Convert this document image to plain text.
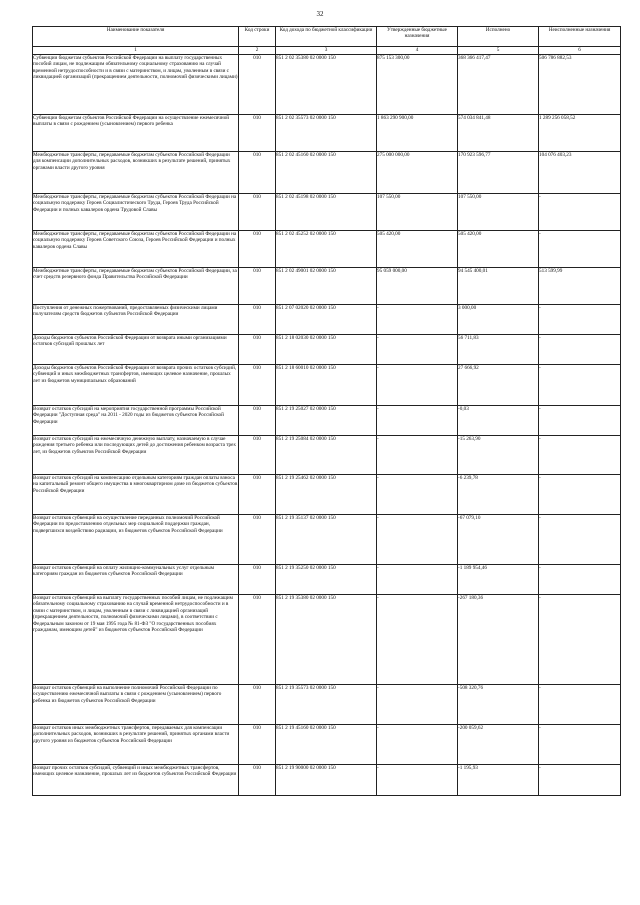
32
Наименование показателя	Код строки	Код дохода по бюджетной классификации	Утвержденные бюджетные назначения	Исполнено	Неисполненные назначения
1	2	3	4	5	6
Субвенции бюджетам субъектов Российской Федерации на выплату государственных пособий лицам, не подлежащим обязательному социальному страхованию на случай временной нетрудоспособности и в связи с материнством, и лицам, уволенным в связи с ликвидацией организаций (прекращением деятельности, полномочий физическими лицами)	010	851 2 02 35380 02 0000 150	875 153 300,00	368 366 417,47	506 786 882,53
Субвенции бюджетам субъектов Российской Федерации на осуществление ежемесячной выплаты в связи с рождением (усыновлением) первого ребенка	010	851 2 02 35573 02 0000 150	1 863 290 900,00	574 034 841,48	1 289 256 058,52
Межбюджетные трансферты, передаваемые бюджетам субъектов Российской Федерации для компенсации дополнительных расходов, возникших в результате решений, принятых органами власти другого уровня	010	851 2 02 45160 02 0000 150	275 000 000,00	170 923 596,77	104 076 403,23
Межбюджетные трансферты, передаваемые бюджетам субъектов Российской Федерации на социальную поддержку Героев Социалистического Труда, Героев Труда Российской Федерации и полных кавалеров ордена Трудовой Славы	010	851 2 02 45198 02 0000 150	107 550,00	107 550,00	-
Межбюджетные трансферты, передаваемые бюджетам субъектов Российской Федерации на социальную поддержку Героев Советского Союза, Героев Российской Федерации и полных кавалеров ордена Славы	010	851 2 02 45252 02 0000 150	505 420,00	505 420,00	-
Межбюджетные трансферты, передаваемые бюджетам субъектов Российской Федерации, за счет средств резервного фонда Правительства Российской Федерации	010	851 2 02 49001 02 0000 150	95 059 000,00	94 545 400,01	513 599,99
Поступления от денежных пожертвований, предоставляемых физическими лицами получателям средств бюджетов субъектов Российской Федерации	010	851 2 07 02020 02 0000 150	-	3 000,00	-
Доходы бюджетов субъектов Российской Федерации от возврата иными организациями остатков субсидий прошлых лет	010	851 2 18 02030 02 0000 150	-	56 711,83	-
Доходы бюджетов субъектов Российской Федерации от возврата прочих остатков субсидий, субвенций и иных межбюджетных трансфертов, имеющих целевое назначение, прошлых лет из бюджетов муниципальных образований	010	851 2 18 60010 02 0000 150	-	27 666,92	-
Возврат остатков субсидий на мероприятия государственной программы Российской Федерации "Доступная среда" на 2011 - 2020 годы из бюджетов субъектов Российской Федерации	010	851 2 19 25027 02 0000 150	-	-0,03	-
Возврат остатков субсидий на ежемесячную денежную выплату, назначаемую в случае рождения третьего ребенка или последующих детей до достижения ребенком возраста трех лет, из бюджетов субъектов Российской Федерации	010	851 2 19 25084 02 0000 150	-	-15 263,90	-
Возврат остатков субсидий на компенсацию отдельным категориям граждан оплаты взноса на капитальный ремонт общего имущества в многоквартирном доме из бюджетов субъектов Российской Федерации	010	851 2 19 25462 02 0000 150	-	-6 239,78	-
Возврат остатков субвенций на осуществление переданных полномочий Российской Федерации по предоставлению отдельных мер социальной поддержки граждан, подвергшихся воздействию радиации, из бюджетов субъектов Российской Федерации	010	851 2 19 35137 02 0000 150	-	-67 079,10	-
Возврат остатков субвенций на оплату жилищно-коммунальных услуг отдельным категориям граждан из бюджетов субъектов Российской Федерации	010	851 2 19 35250 02 0000 150	-	-1 189 954,46	-
Возврат остатков субвенций на выплату государственных пособий лицам, не подлежащим обязательному социальному страхованию на случай временной нетрудоспособности и в связи с материнством, и лицам, уволенным в связи с ликвидацией организаций (прекращением деятельности, полномочий физическими лицами), в соответствии с Федеральным законом от 19 мая 1995 года № 81-ФЗ "О государственных пособиях гражданам, имеющим детей" из бюджетов субъектов Российской Федерации	010	851 2 19 35380 02 0000 150	-	-267 180,36	-
Возврат остатков субвенций на выполнение полномочий Российской Федерации по осуществлению ежемесячной выплаты в связи с рождением (усыновлением) первого ребенка из бюджетов субъектов Российской Федерации	010	851 2 19 35573 02 0000 150	-	-508 320,76	-
Возврат остатков иных межбюджетных трансфертов, передаваемых для компенсации дополнительных расходов, возникших в результате решений, принятых органами власти другого уровня из бюджетов субъектов Российской Федерации	010	851 2 19 45160 02 0000 150	-	-200 059,62	-
Возврат прочих остатков субсидий, субвенций и иных межбюджетных трансфертов, имеющих целевое назначение, прошлых лет из бюджетов субъектов Российской Федерации	010	851 2 19 90000 02 0000 150	-	-1 195,93	-
